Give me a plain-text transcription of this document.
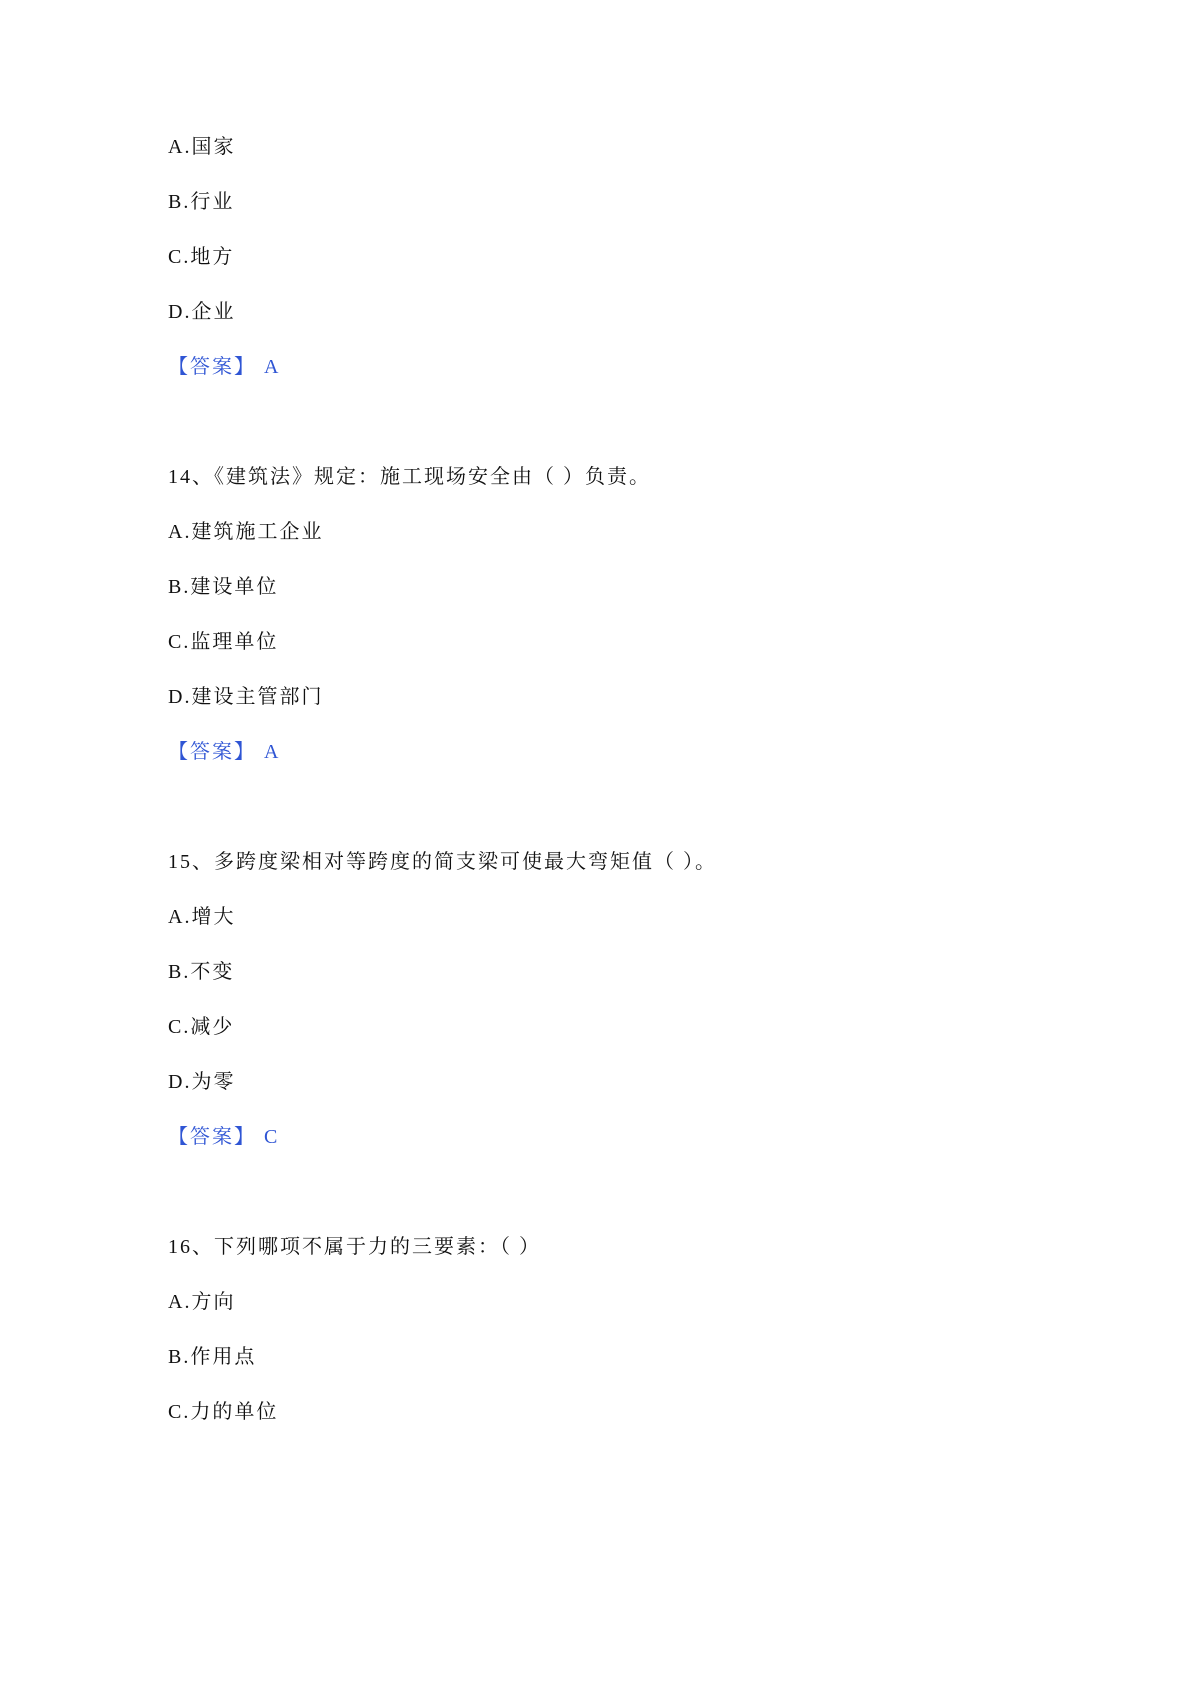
A.国家
B.行业
C.地方
D.企业
【答案】 A
14、《建筑法》规定：施工现场安全由（ ）负责。
A.建筑施工企业
B.建设单位
C.监理单位
D.建设主管部门
【答案】 A
15、多跨度梁相对等跨度的简支梁可使最大弯矩值（ ）。
A.增大
B.不变
C.减少
D.为零
【答案】 C
16、下列哪项不属于力的三要素：（ ）
A.方向
B.作用点
C.力的单位
